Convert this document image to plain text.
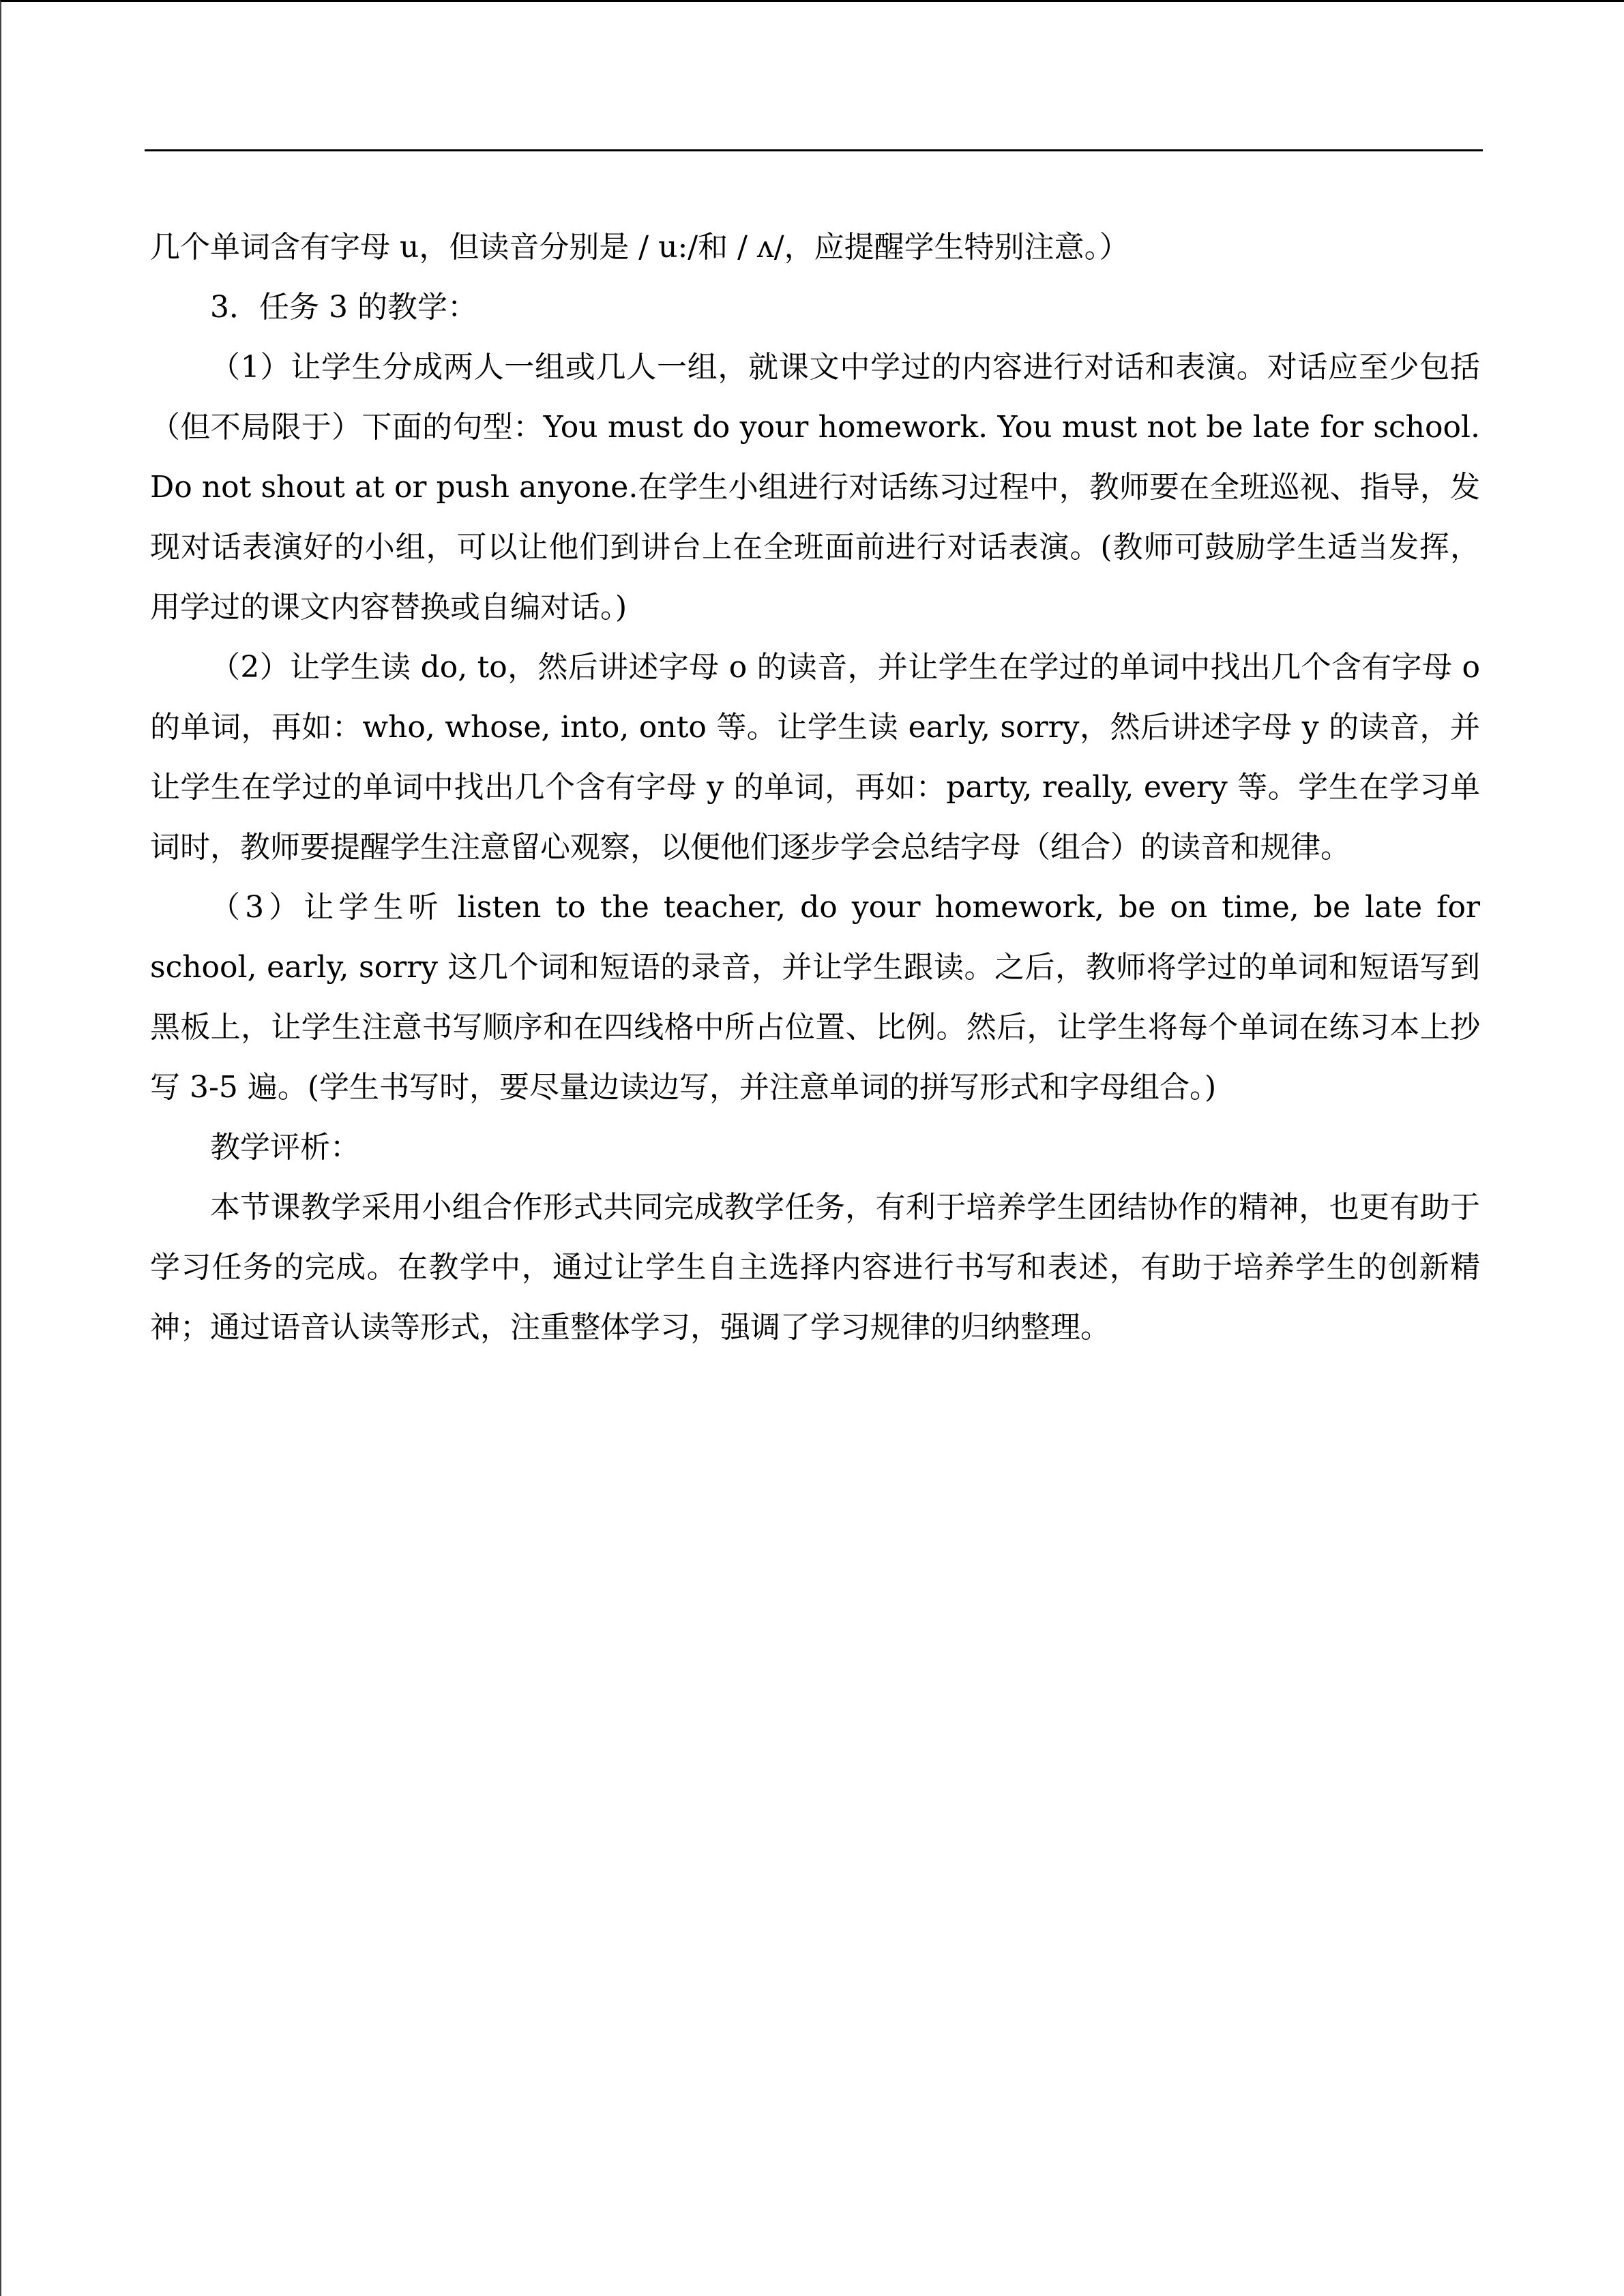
几个单词含有字母 u，但读音分别是 / u:/和 / ʌ/，应提醒学生特别注意。）

3．任务 3 的教学：

（1）让学生分成两人一组或几人一组，就课文中学过的内容进行对话和表演。对话应至少包括（但不局限于）下面的句型：You must do your homework. You must not be late for school. Do not shout at or push anyone.在学生小组进行对话练习过程中，教师要在全班巡视、指导，发现对话表演好的小组，可以让他们到讲台上在全班面前进行对话表演。(教师可鼓励学生适当发挥，用学过的课文内容替换或自编对话。)

（2）让学生读 do, to，然后讲述字母 o 的读音，并让学生在学过的单词中找出几个含有字母 o 的单词，再如：who, whose, into, onto 等。让学生读 early, sorry，然后讲述字母 y 的读音，并让学生在学过的单词中找出几个含有字母 y 的单词，再如：party, really, every 等。学生在学习单词时，教师要提醒学生注意留心观察，以便他们逐步学会总结字母（组合）的读音和规律。

（3）让学生听 listen to the teacher, do your homework, be on time, be late for school, early, sorry 这几个词和短语的录音，并让学生跟读。之后，教师将学过的单词和短语写到黑板上，让学生注意书写顺序和在四线格中所占位置、比例。然后，让学生将每个单词在练习本上抄写 3-5 遍。(学生书写时，要尽量边读边写，并注意单词的拼写形式和字母组合。)

教学评析：

本节课教学采用小组合作形式共同完成教学任务，有利于培养学生团结协作的精神，也更有助于学习任务的完成。在教学中，通过让学生自主选择内容进行书写和表述，有助于培养学生的创新精神；通过语音认读等形式，注重整体学习，强调了学习规律的归纳整理。
